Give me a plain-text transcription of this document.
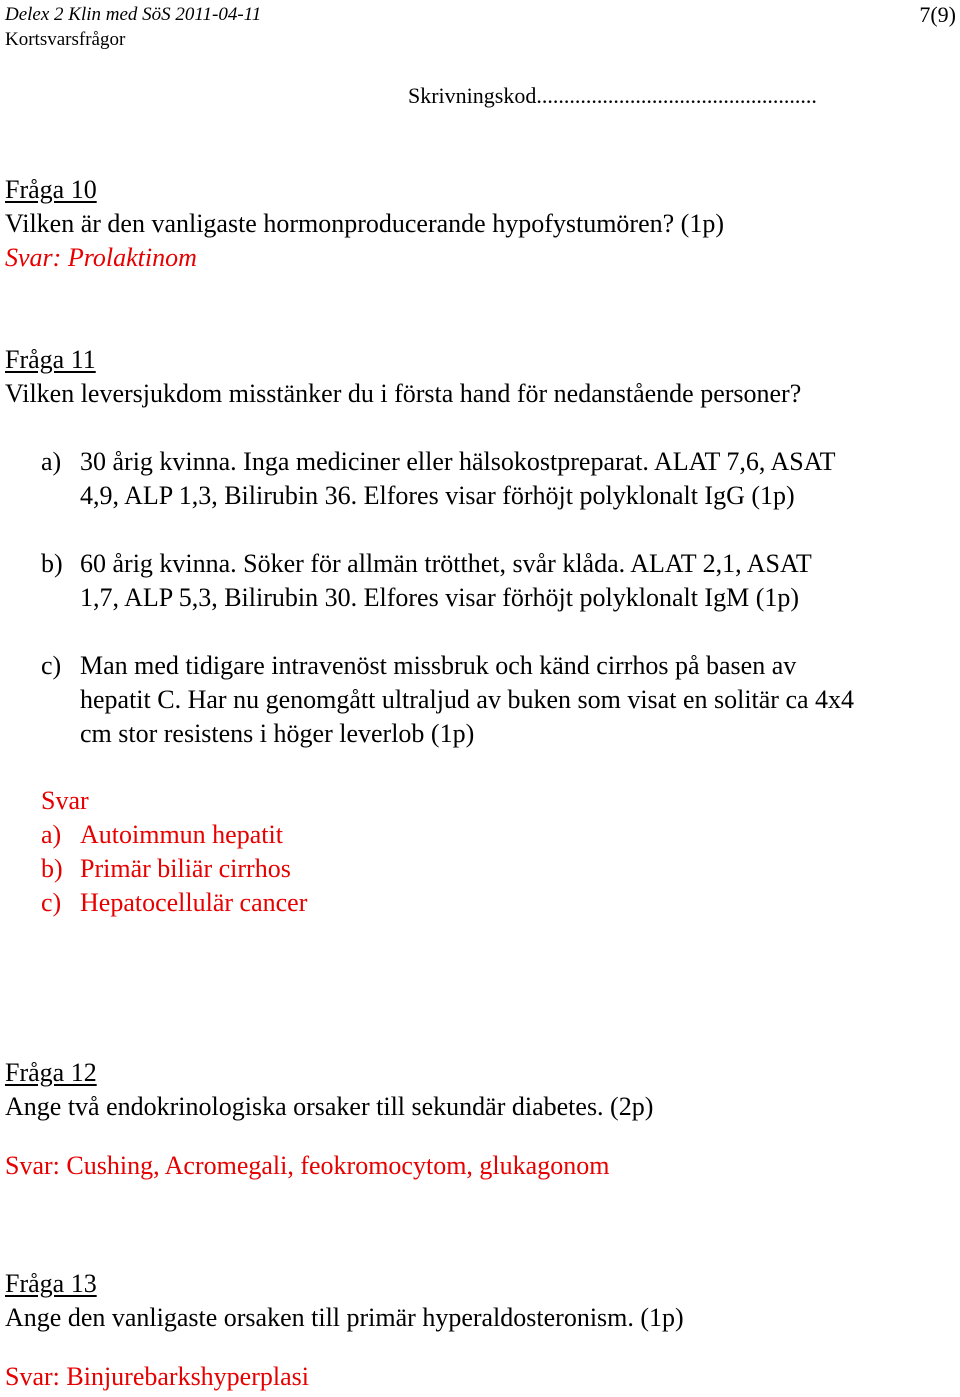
Delex 2 Klin med SöS 2011-04-11
Kortsvarsfrågor
7(9)
Skrivningskod...................................................
Fråga 10
Vilken är den vanligaste hormonproducerande hypofystumören? (1p)
Svar: Prolaktinom
Fråga 11
Vilken leversjukdom misstänker du i första hand för nedanstående personer?
a) 30 årig kvinna. Inga mediciner eller hälsokostpreparat. ALAT 7,6, ASAT
4,9, ALP 1,3, Bilirubin 36. Elfores visar förhöjt polyklonalt IgG (1p)
b) 60 årig kvinna. Söker för allmän trötthet, svår klåda. ALAT 2,1, ASAT
1,7, ALP 5,3, Bilirubin 30. Elfores visar förhöjt polyklonalt IgM (1p)
c) Man med tidigare intravenöst missbruk och känd cirrhos på basen av
hepatit C. Har nu genomgått ultraljud av buken som visat en solitär ca 4x4
cm stor resistens i höger leverlob (1p)
Svar
a) Autoimmun hepatit
b) Primär biliär cirrhos
c) Hepatocellulär cancer
Fråga 12
Ange två endokrinologiska orsaker till sekundär diabetes. (2p)
Svar: Cushing, Acromegali, feokromocytom, glukagonom
Fråga 13
Ange den vanligaste orsaken till primär hyperaldosteronism. (1p)
Svar: Binjurebarkshyperplasi
